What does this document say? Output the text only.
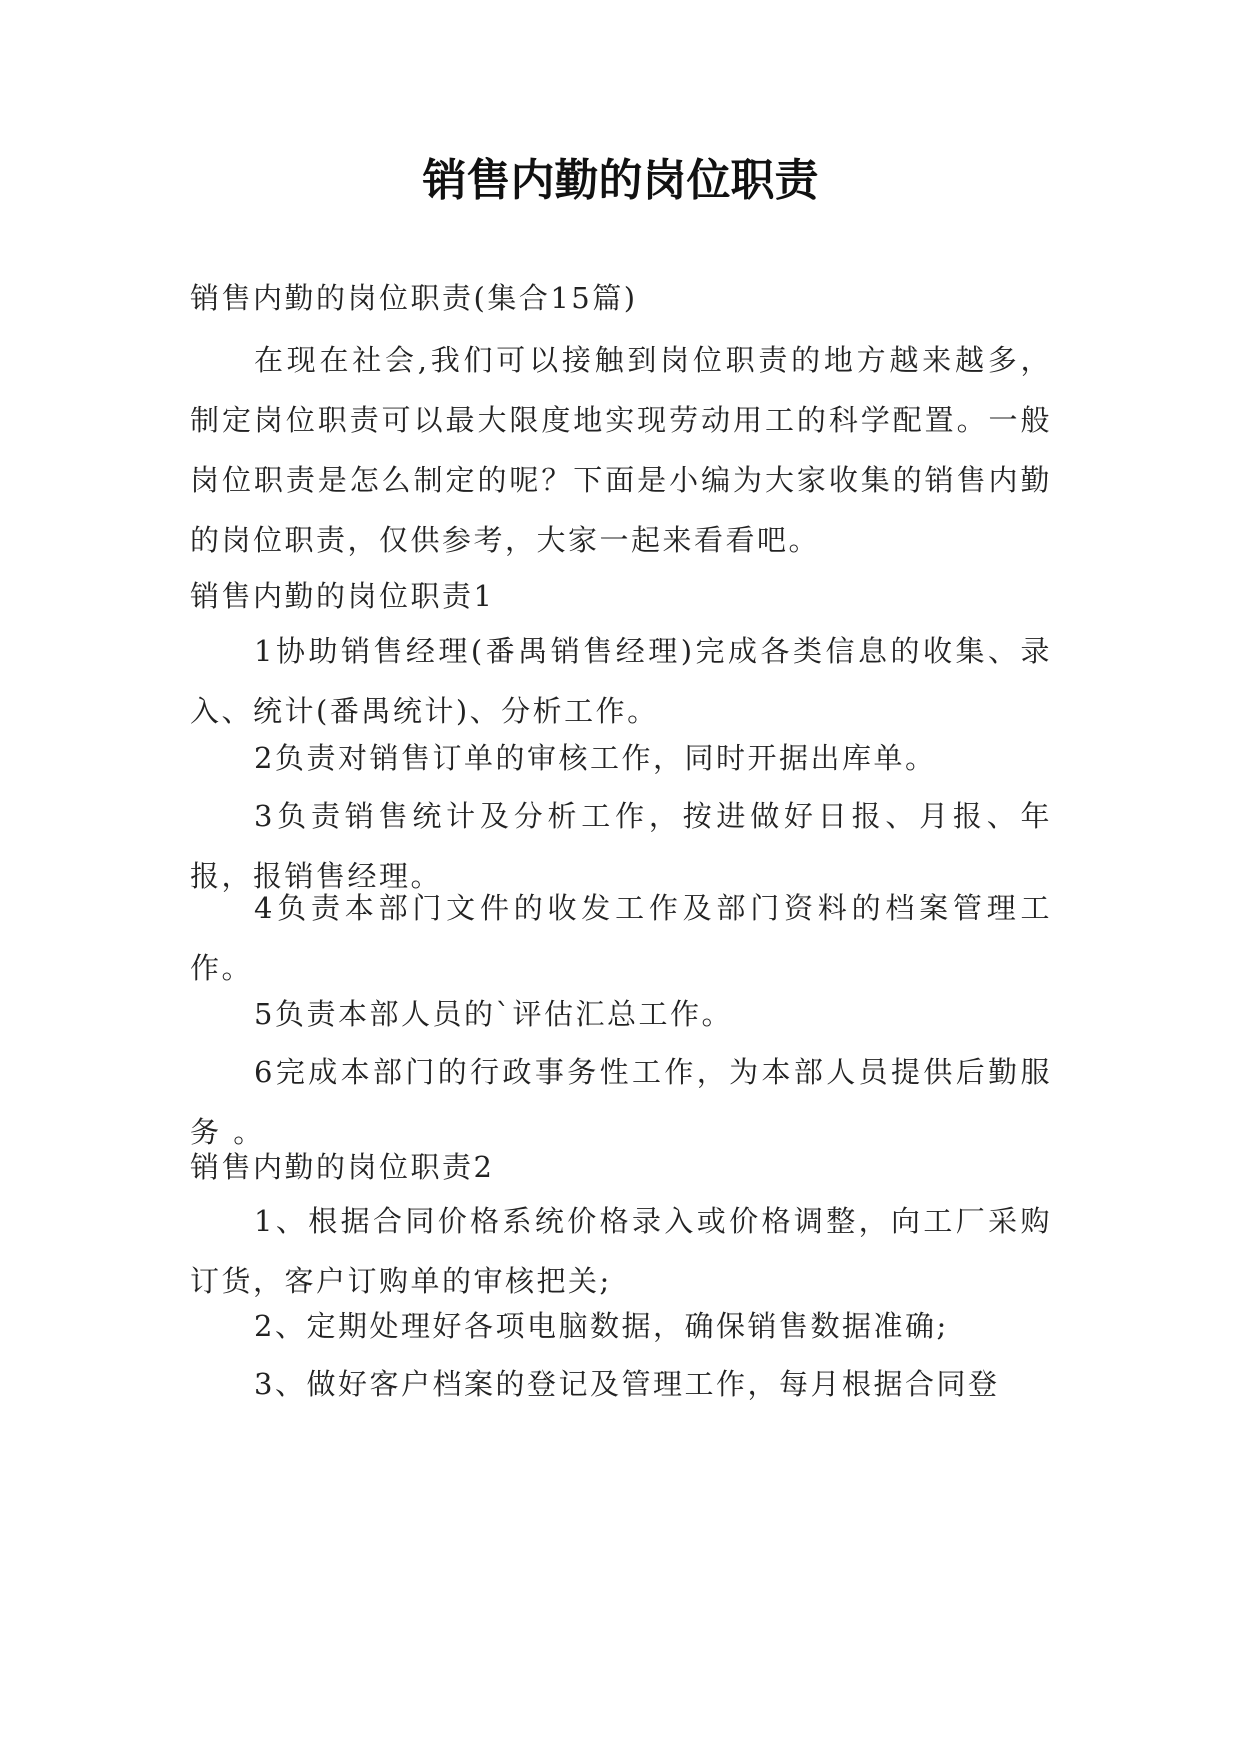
销售内勤的岗位职责

销售内勤的岗位职责(集合15篇)

在现在社会,我们可以接触到岗位职责的地方越来越多，制定岗位职责可以最大限度地实现劳动用工的科学配置。一般岗位职责是怎么制定的呢？下面是小编为大家收集的销售内勤的岗位职责，仅供参考，大家一起来看看吧。

销售内勤的岗位职责1

1协助销售经理(番禺销售经理)完成各类信息的收集、录入、统计(番禺统计)、分析工作。

2负责对销售订单的审核工作，同时开据出库单。

3负责销售统计及分析工作，按进做好日报、月报、年报，报销售经理。

4负责本部门文件的收发工作及部门资料的档案管理工作。

5负责本部人员的`评估汇总工作。

6完成本部门的行政事务性工作，为本部人员提供后勤服务 。

销售内勤的岗位职责2

1、根据合同价格系统价格录入或价格调整，向工厂采购订货，客户订购单的审核把关;

2、定期处理好各项电脑数据，确保销售数据准确;

3、做好客户档案的登记及管理工作，每月根据合同登
